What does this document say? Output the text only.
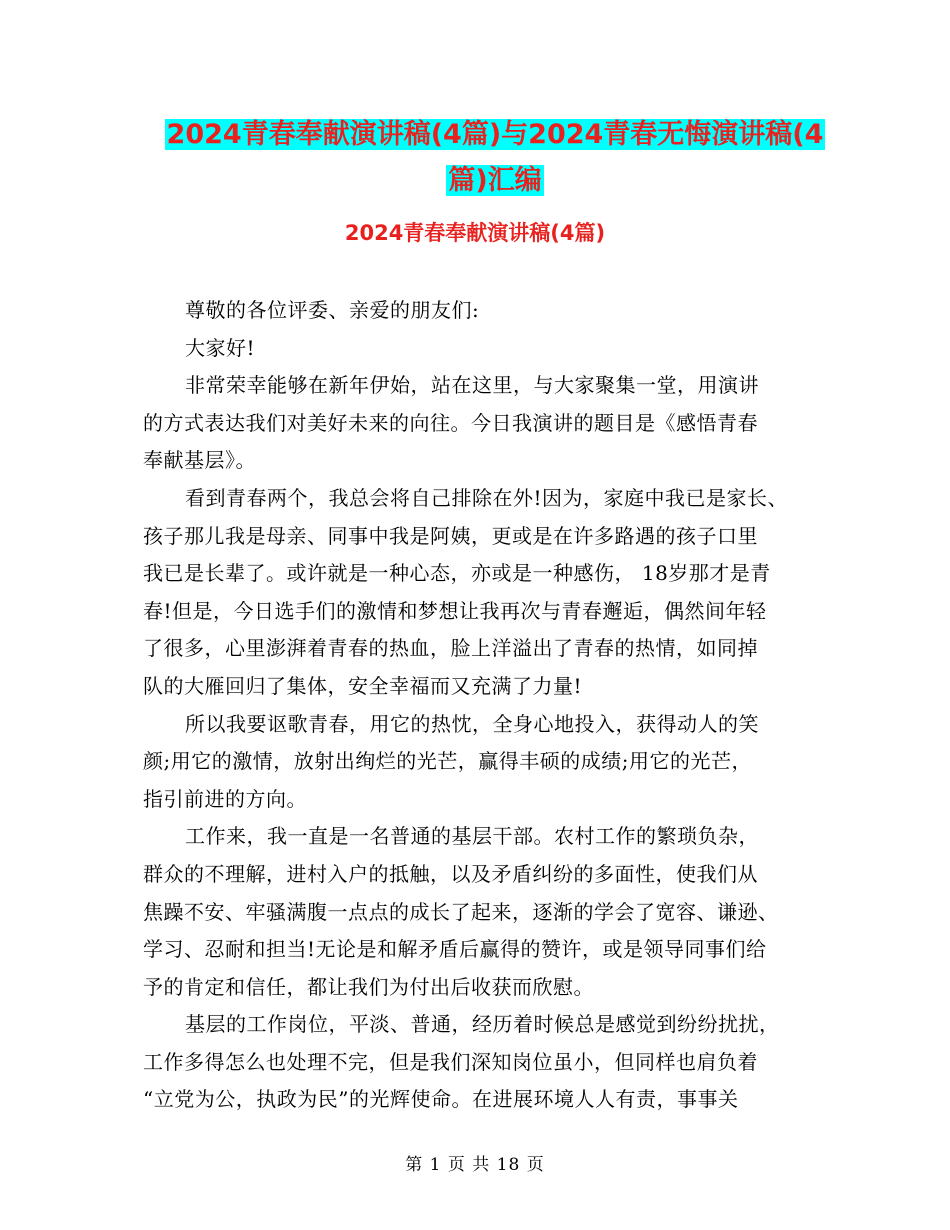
2024青春奉献演讲稿(4篇)与2024青春无悔演讲稿(4
篇)汇编
2024青春奉献演讲稿(4篇)

尊敬的各位评委、亲爱的朋友们:

大家好!

非常荣幸能够在新年伊始，站在这里，与大家聚集一堂，用演讲

的方式表达我们对美好未来的向往。今日我演讲的题目是《感悟青春

奉献基层》。

看到青春两个，我总会将自己排除在外!因为，家庭中我已是家长、

孩子那儿我是母亲、同事中我是阿姨，更或是在许多路遇的孩子口里

我已是长辈了。或许就是一种心态，亦或是一种感伤， 18岁那才是青

春!但是，今日选手们的激情和梦想让我再次与青春邂逅，偶然间年轻

了很多，心里澎湃着青春的热血，脸上洋溢出了青春的热情，如同掉

队的大雁回归了集体，安全幸福而又充满了力量!

所以我要讴歌青春，用它的热忱，全身心地投入，获得动人的笑

颜;用它的激情，放射出绚烂的光芒，赢得丰硕的成绩;用它的光芒，

指引前进的方向。

工作来，我一直是一名普通的基层干部。农村工作的繁琐负杂，

群众的不理解，进村入户的抵触，以及矛盾纠纷的多面性，使我们从

焦躁不安、牢骚满腹一点点的成长了起来，逐渐的学会了宽容、谦逊、

学习、忍耐和担当!无论是和解矛盾后赢得的赞许，或是领导同事们给

予的肯定和信任，都让我们为付出后收获而欣慰。

基层的工作岗位，平淡、普通，经历着时候总是感觉到纷纷扰扰，

工作多得怎么也处理不完，但是我们深知岗位虽小，但同样也肩负着

“立党为公，执政为民”的光辉使命。在进展环境人人有责，事事关

第 1 页 共 18 页
